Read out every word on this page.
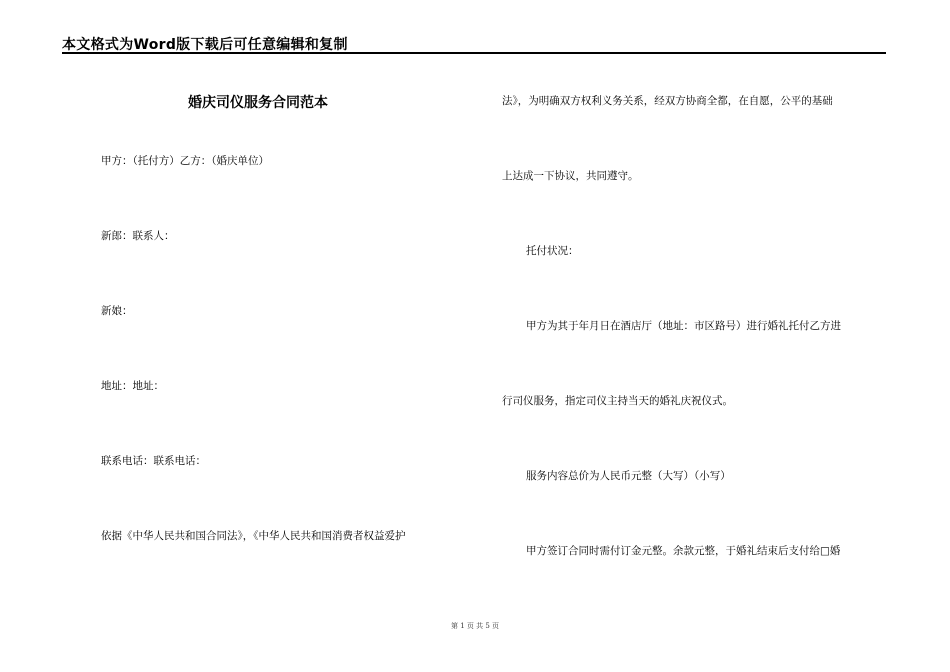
本文格式为Word版下载后可任意编辑和复制
婚庆司仪服务合同范本
甲方：（托付方）乙方：（婚庆单位）
新郎：联系人：
新娘：
地址：地址：
联系电话：联系电话：
依据《中华人民共和国合同法》，《中华人民共和国消费者权益爱护
法》，为明确双方权利义务关系，经双方协商全都，在自愿，公平的基础
上达成一下协议，共同遵守。
托付状况：
甲方为其于年月日在酒店厅（地址：市区路号）进行婚礼托付乙方进
行司仪服务，指定司仪主持当天的婚礼庆祝仪式。
服务内容总价为人民币元整（大写）（小写）
甲方签订合同时需付订金元整。余款元整，于婚礼结束后支付给□婚
第 1 页 共 5 页
